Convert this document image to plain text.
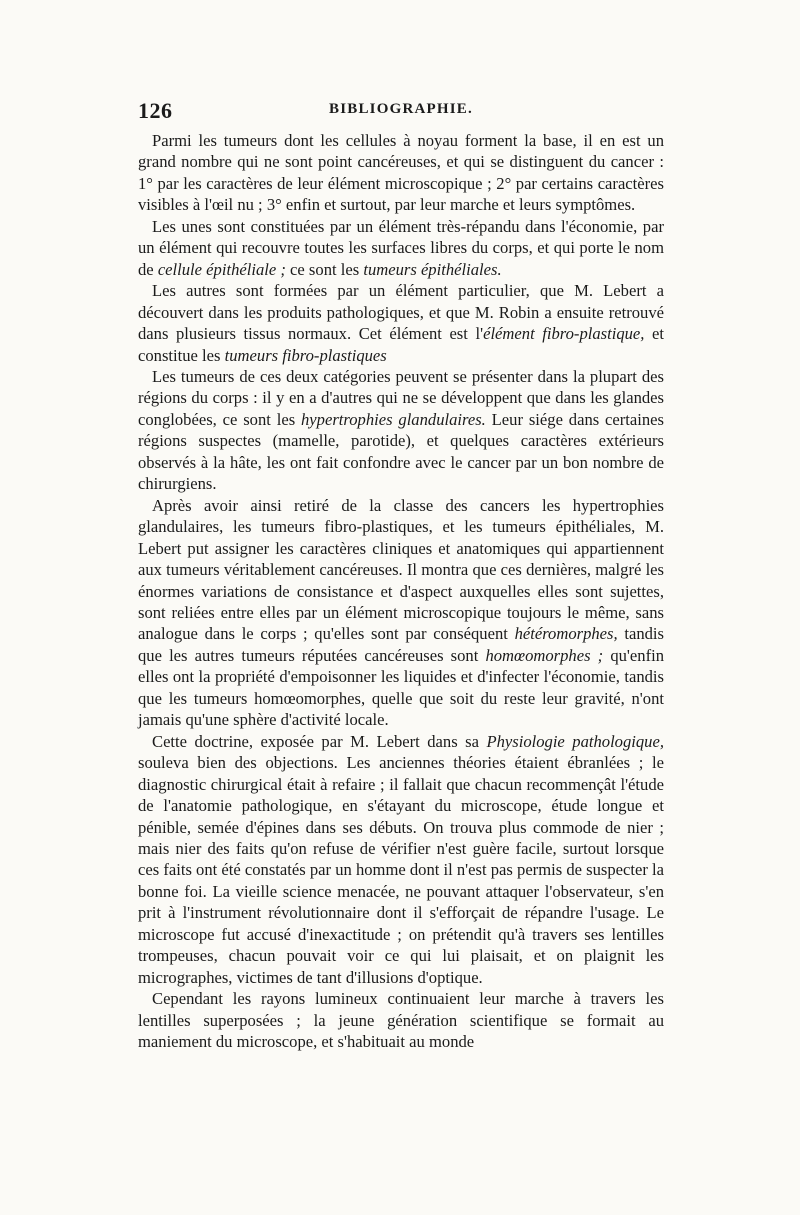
126	BIBLIOGRAPHIE.

Parmi les tumeurs dont les cellules à noyau forment la base, il en est un grand nombre qui ne sont point cancéreuses, et qui se distinguent du cancer : 1° par les caractères de leur élément microscopique ; 2° par certains caractères visibles à l'œil nu ; 3° enfin et surtout, par leur marche et leurs symptômes.

Les unes sont constituées par un élément très-répandu dans l'économie, par un élément qui recouvre toutes les surfaces libres du corps, et qui porte le nom de cellule épithéliale ; ce sont les tumeurs épithéliales.

Les autres sont formées par un élément particulier, que M. Lebert a découvert dans les produits pathologiques, et que M. Robin a ensuite retrouvé dans plusieurs tissus normaux. Cet élément est l'élément fibro-plastique, et constitue les tumeurs fibro-plastiques

Les tumeurs de ces deux catégories peuvent se présenter dans la plupart des régions du corps : il y en a d'autres qui ne se développent que dans les glandes conglobées, ce sont les hypertrophies glandulaires. Leur siége dans certaines régions suspectes (mamelle, parotide), et quelques caractères extérieurs observés à la hâte, les ont fait confondre avec le cancer par un bon nombre de chirurgiens.

Après avoir ainsi retiré de la classe des cancers les hypertrophies glandulaires, les tumeurs fibro-plastiques, et les tumeurs épithéliales, M. Lebert put assigner les caractères cliniques et anatomiques qui appartiennent aux tumeurs véritablement cancéreuses. Il montra que ces dernières, malgré les énormes variations de consistance et d'aspect auxquelles elles sont sujettes, sont reliées entre elles par un élément microscopique toujours le même, sans analogue dans le corps ; qu'elles sont par conséquent hétéromorphes, tandis que les autres tumeurs réputées cancéreuses sont homœomorphes ; qu'enfin elles ont la propriété d'empoisonner les liquides et d'infecter l'économie, tandis que les tumeurs homœomorphes, quelle que soit du reste leur gravité, n'ont jamais qu'une sphère d'activité locale.

Cette doctrine, exposée par M. Lebert dans sa Physiologie pathologique, souleva bien des objections. Les anciennes théories étaient ébranlées ; le diagnostic chirurgical était à refaire ; il fallait que chacun recommençât l'étude de l'anatomie pathologique, en s'étayant du microscope, étude longue et pénible, semée d'épines dans ses débuts. On trouva plus commode de nier ; mais nier des faits qu'on refuse de vérifier n'est guère facile, surtout lorsque ces faits ont été constatés par un homme dont il n'est pas permis de suspecter la bonne foi. La vieille science menacée, ne pouvant attaquer l'observateur, s'en prit à l'instrument révolutionnaire dont il s'efforçait de répandre l'usage. Le microscope fut accusé d'inexactitude ; on prétendit qu'à travers ses lentilles trompeuses, chacun pouvait voir ce qui lui plaisait, et on plaignit les micrographes, victimes de tant d'illusions d'optique.

Cependant les rayons lumineux continuaient leur marche à travers les lentilles superposées ; la jeune génération scientifique se formait au maniement du microscope, et s'habituait au monde
